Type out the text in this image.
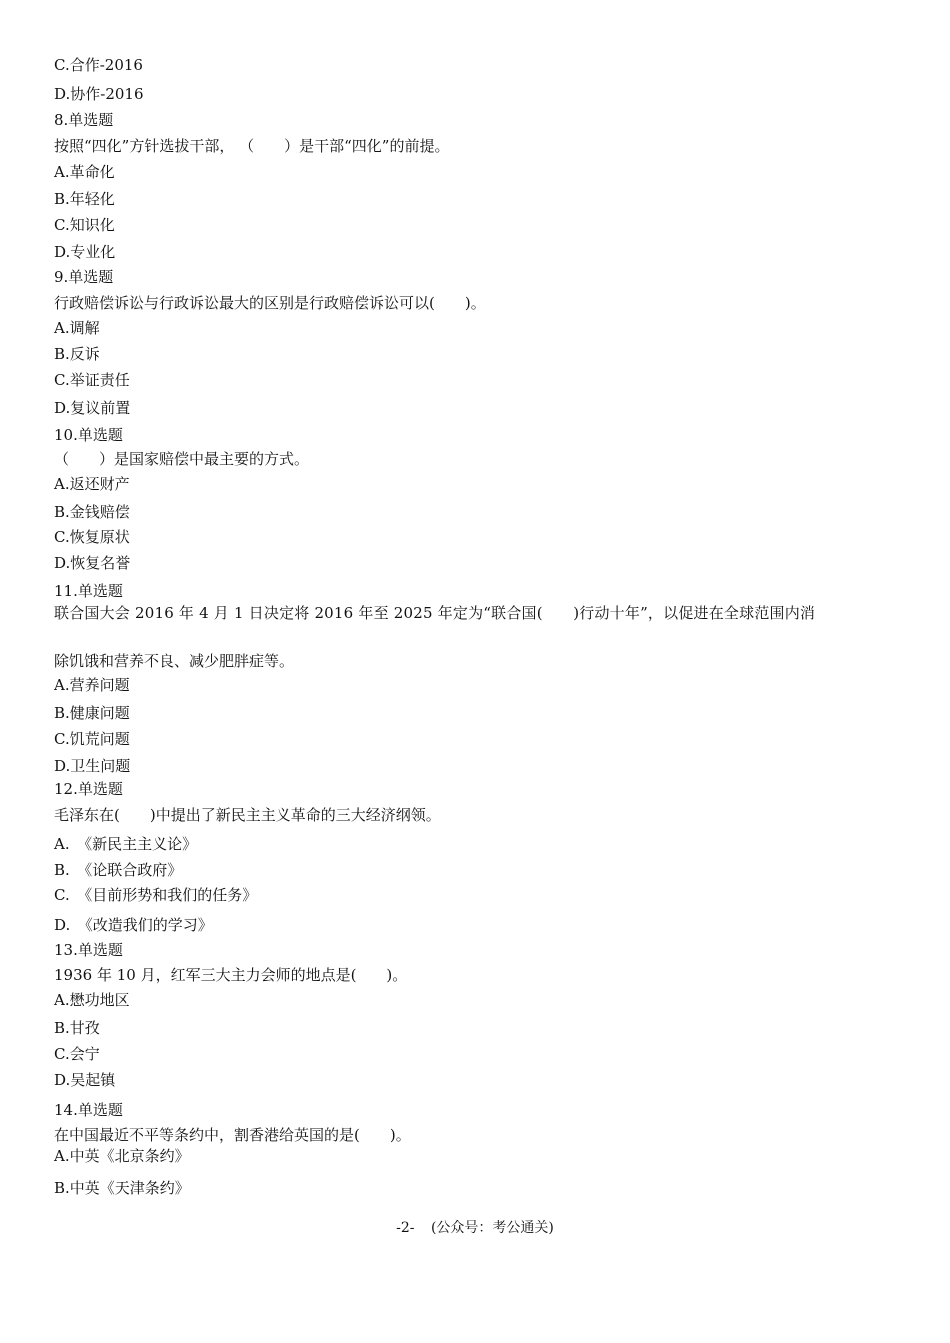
C.合作-2016
D.协作-2016
8.单选题
按照“四化”方针选拔干部， （　　）是干部“四化”的前提。
A.革命化
B.年轻化
C.知识化
D.专业化
9.单选题
行政赔偿诉讼与行政诉讼最大的区别是行政赔偿诉讼可以(　　)。
A.调解
B.反诉
C.举证责任
D.复议前置
10.单选题
（　　）是国家赔偿中最主要的方式。
A.返还财产
B.金钱赔偿
C.恢复原状
D.恢复名誉
11.单选题
联合国大会 2016 年 4 月 1 日决定将 2016 年至 2025 年定为“联合国(　　)行动十年”，以促进在全球范围内消
除饥饿和营养不良、减少肥胖症等。
A.营养问题
B.健康问题
C.饥荒问题
D.卫生问题
12.单选题
毛泽东在(　　)中提出了新民主主义革命的三大经济纲领。
A.　《新民主主义论》
B.　《论联合政府》
C.　《目前形势和我们的任务》
D.　《改造我们的学习》
13.单选题
1936 年 10 月，红军三大主力会师的地点是(　　)。
A.懋功地区
B.甘孜
C.会宁
D.吴起镇
14.单选题
在中国最近不平等条约中，割香港给英国的是(　　)。
A.中英《北京条约》
B.中英《天津条约》
-2- (公众号：考公通关)
